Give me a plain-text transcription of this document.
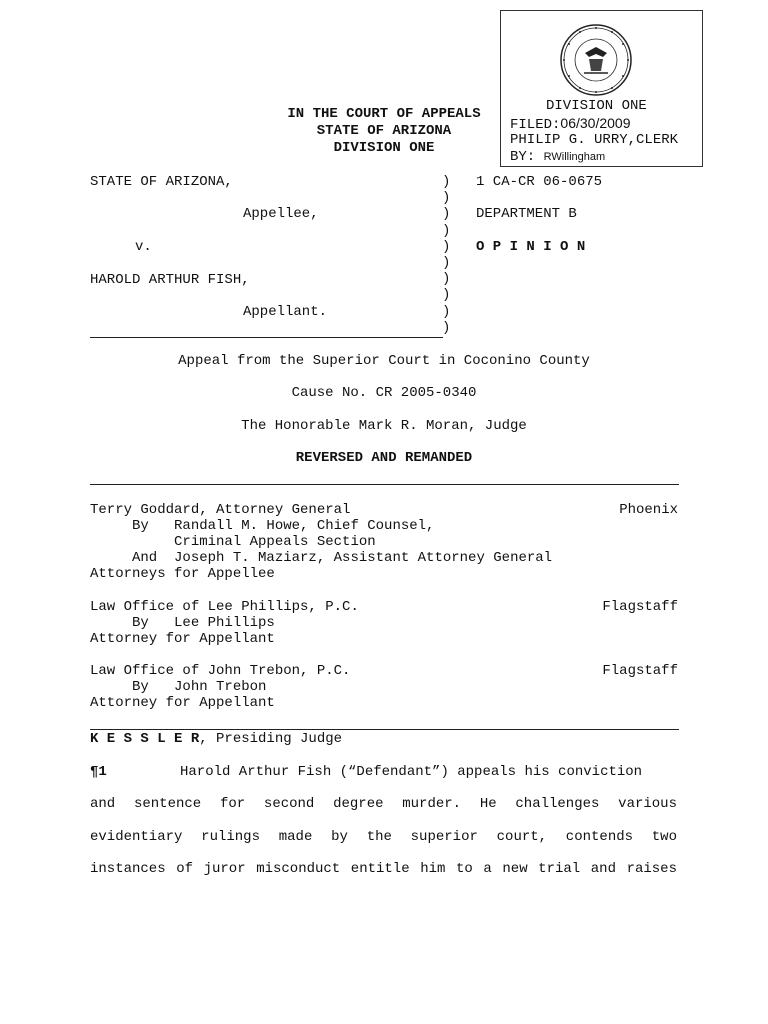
DIVISION ONE
FILED:06/30/2009
PHILIP G. URRY,CLERK
BY: RWillingham
IN THE COURT OF APPEALS
STATE OF ARIZONA
DIVISION ONE
STATE OF ARIZONA,
Appellee,
v.
HAROLD ARTHUR FISH,
Appellant.
)
)
)
)
)
)
)
)
)
)
1 CA-CR 06-0675
DEPARTMENT B
O P I N I O N
Appeal from the Superior Court in Coconino County
Cause No. CR 2005-0340
The Honorable Mark R. Moran, Judge
REVERSED AND REMANDED
Terry Goddard, Attorney General
By   Randall M. Howe, Chief Counsel,
Criminal Appeals Section
And  Joseph T. Maziarz, Assistant Attorney General
Attorneys for Appellee
Phoenix
Law Office of Lee Phillips, P.C.
By   Lee Phillips
Attorney for Appellant
Flagstaff
Law Office of John Trebon, P.C.
By   John Trebon
Attorney for Appellant
Flagstaff
K E S S L E R, Presiding Judge
¶1	Harold Arthur Fish (“Defendant”) appeals his conviction
and sentence for second degree murder. He challenges various
evidentiary rulings made by the superior court, contends two
instances of juror misconduct entitle him to a new trial and raises
